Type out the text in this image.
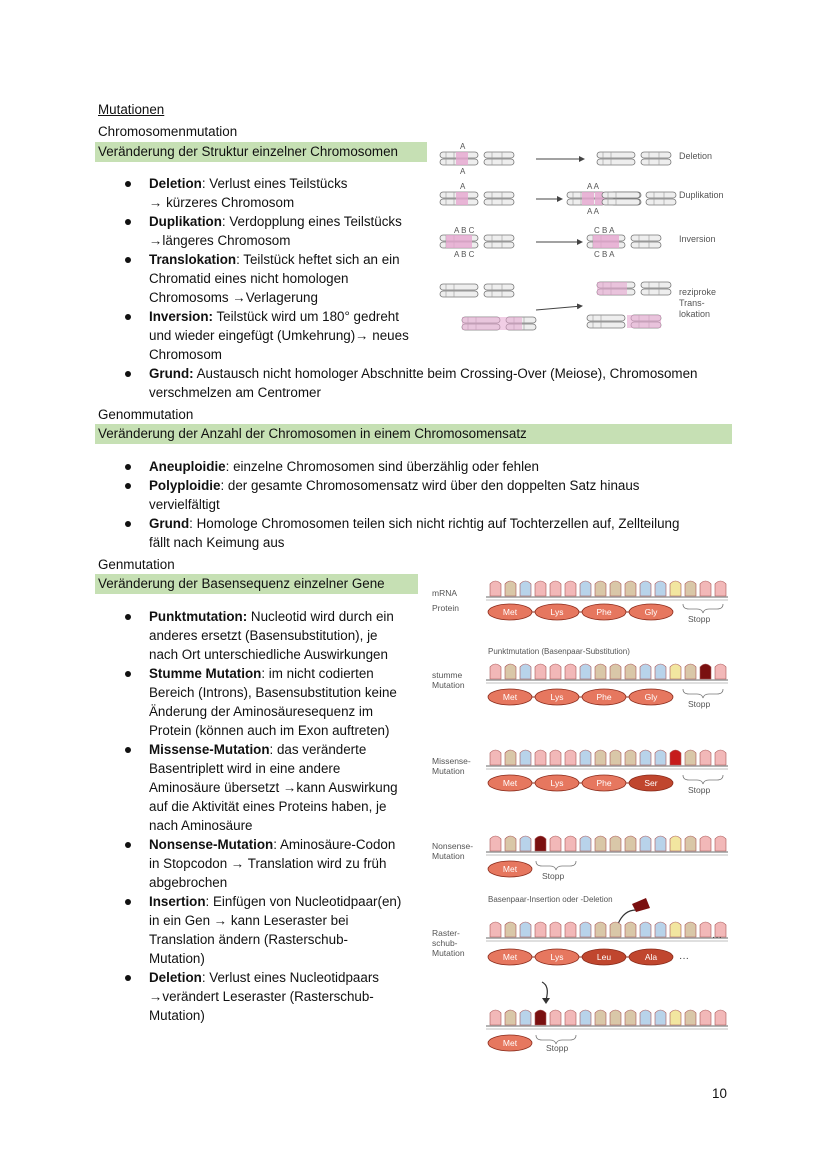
Mutationen
Chromosomenmutation
Veränderung der Struktur einzelner Chromosomen
Deletion: Verlust eines Teilstücks
→ kürzeres Chromosom
Duplikation: Verdopplung eines Teilstücks
→längeres Chromosom
Translokation: Teilstück heftet sich an ein
Chromatid eines nicht homologen
Chromosoms →Verlagerung
Inversion: Teilstück wird um 180° gedreht
und wieder eingefügt (Umkehrung)→ neues
Chromosom
Grund: Austausch nicht homologer Abschnitte beim Crossing-Over (Meiose), Chromosomen
verschmelzen am Centromer
A
A
A	A A
A A
A B C
A B C
C B A
C B A
Deletion
Duplikation
Inversion
reziproke
Trans-
lokation
Genommutation
Veränderung der Anzahl der Chromosomen in einem Chromosomensatz
Aneuploidie: einzelne Chromosomen sind überzählig oder fehlen
Polyploidie: der gesamte Chromosomensatz wird über den doppelten Satz hinaus
vervielfältigt
Grund: Homologe Chromosomen teilen sich nicht richtig auf Tochterzellen auf, Zellteilung
fällt nach Keimung aus
Genmutation
Veränderung der Basensequenz einzelner Gene
Punktmutation: Nucleotid wird durch ein
anderes ersetzt (Basensubstitution), je
nach Ort unterschiedliche Auswirkungen
Stumme Mutation: im nicht codierten
Bereich (Introns), Basensubstitution keine
Änderung der Aminosäuresequenz im
Protein (können auch im Exon auftreten)
Missense-Mutation: das veränderte
Basentriplett wird in eine andere
Aminosäure übersetzt →kann Auswirkung
auf die Aktivität eines Proteins haben, je
nach Aminosäure
Nonsense-Mutation: Aminosäure-Codon
in Stopcodon → Translation wird zu früh
abgebrochen
Insertion: Einfügen von Nucleotidpaar(en)
in ein Gen → kann Leseraster bei
Translation ändern (Rasterschub-
Mutation)
Deletion: Verlust eines Nucleotidpaars
→verändert Leseraster (Rasterschub-
Mutation)
mRNA
Protein	Met	Lys	Phe	Gly
Stopp
Punktmutation (Basenpaar-Substitution)
stumme
Mutation
Met	Lys	Phe	Gly
Stopp
Missense-
Mutation
Met	Lys	Phe	Ser
Stopp
Nonsense-
Mutation
Met
Stopp
Basenpaar-Insertion oder -Deletion
Raster-
schub-
Mutation
···
Met	Lys	Leu	Ala ···
Met	Stopp
10
